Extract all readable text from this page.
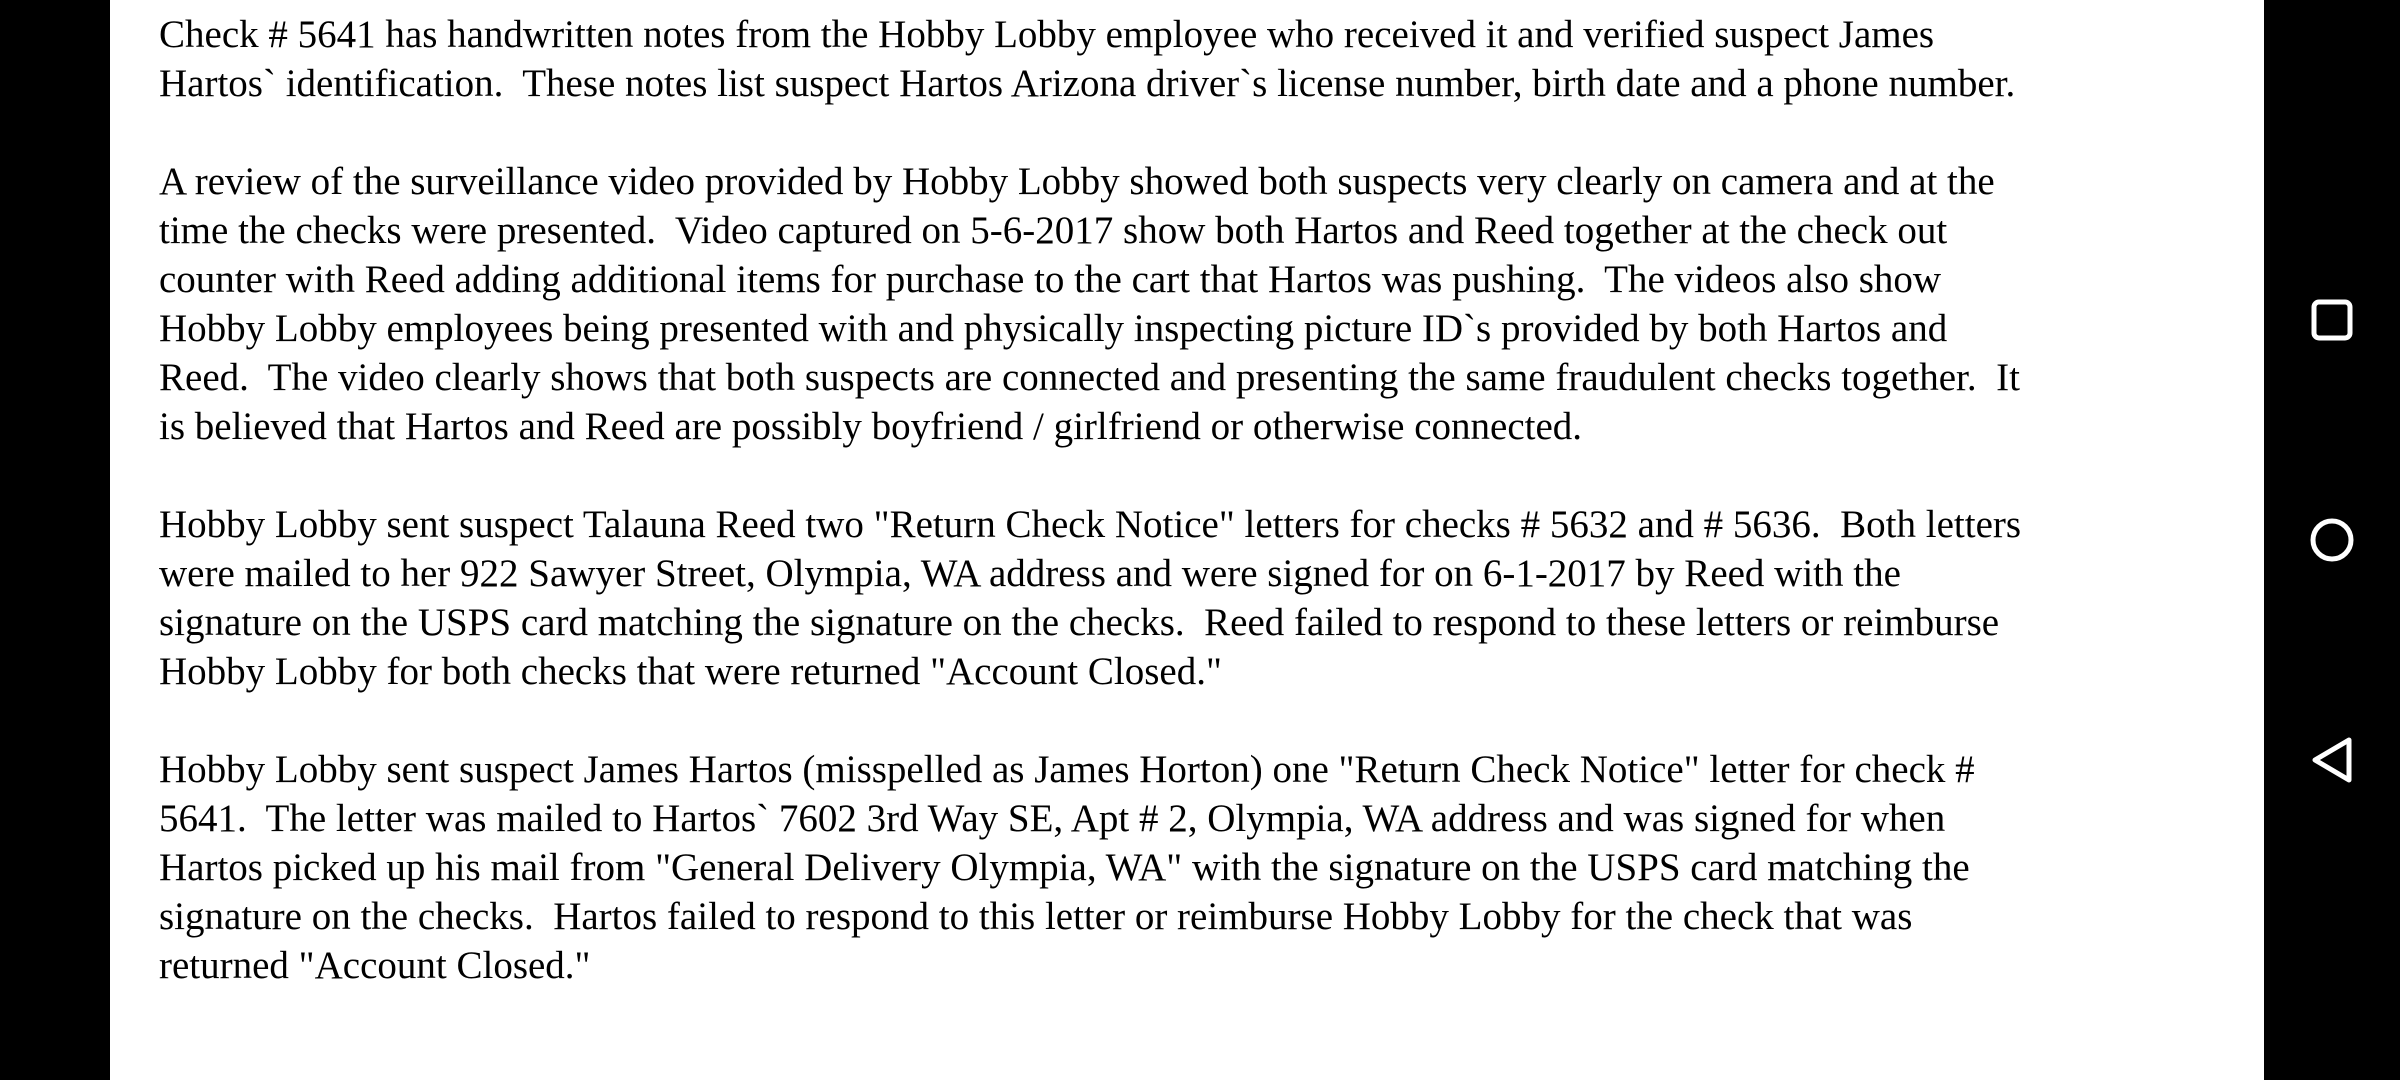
Check # 5641 has handwritten notes from the Hobby Lobby employee who received it and verified suspect James
Hartos` identification.  These notes list suspect Hartos Arizona driver`s license number, birth date and a phone number.

A review of the surveillance video provided by Hobby Lobby showed both suspects very clearly on camera and at the
time the checks were presented.  Video captured on 5-6-2017 show both Hartos and Reed together at the check out
counter with Reed adding additional items for purchase to the cart that Hartos was pushing.  The videos also show
Hobby Lobby employees being presented with and physically inspecting picture ID`s provided by both Hartos and
Reed.  The video clearly shows that both suspects are connected and presenting the same fraudulent checks together.  It
is believed that Hartos and Reed are possibly boyfriend / girlfriend or otherwise connected.

Hobby Lobby sent suspect Talauna Reed two "Return Check Notice" letters for checks # 5632 and # 5636.  Both letters
were mailed to her 922 Sawyer Street, Olympia, WA address and were signed for on 6-1-2017 by Reed with the
signature on the USPS card matching the signature on the checks.  Reed failed to respond to these letters or reimburse
Hobby Lobby for both checks that were returned "Account Closed."

Hobby Lobby sent suspect James Hartos (misspelled as James Horton) one "Return Check Notice" letter for check #
5641.  The letter was mailed to Hartos` 7602 3rd Way SE, Apt # 2, Olympia, WA address and was signed for when
Hartos picked up his mail from "General Delivery Olympia, WA" with the signature on the USPS card matching the
signature on the checks.  Hartos failed to respond to this letter or reimburse Hobby Lobby for the check that was
returned "Account Closed."
